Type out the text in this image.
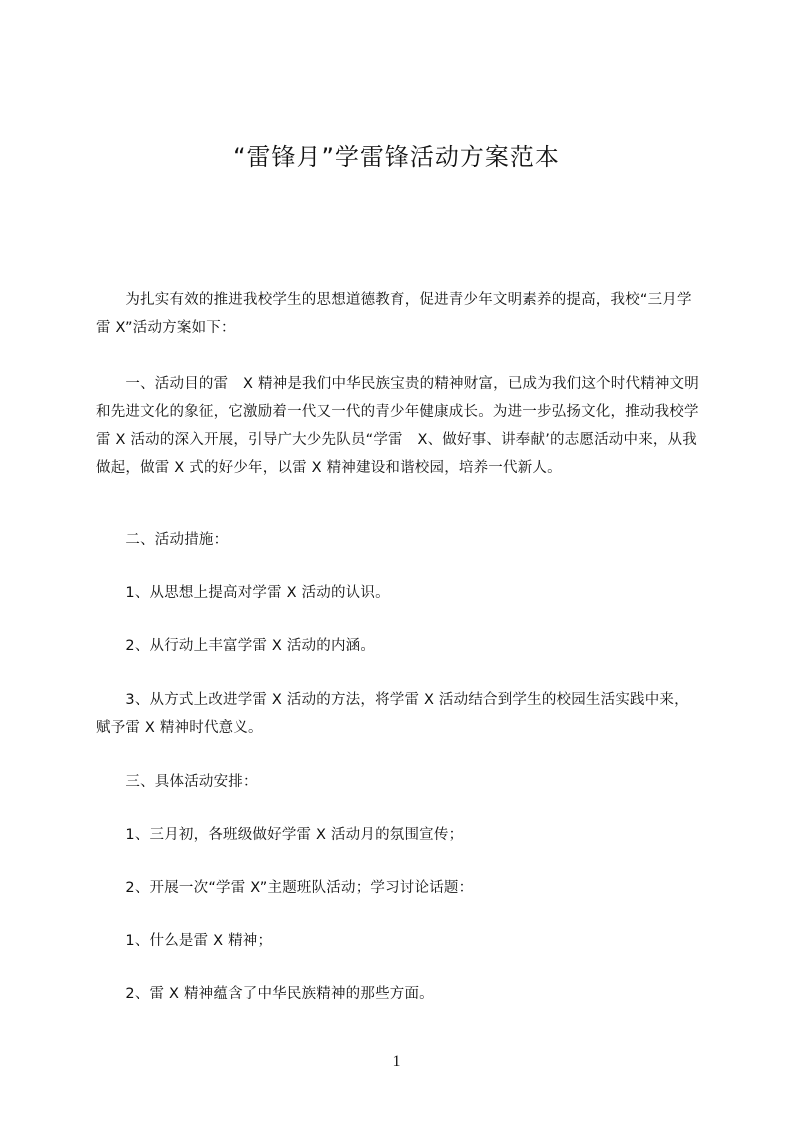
“雷锋月”学雷锋活动方案范本

　　为扎实有效的推进我校学生的思想道德教育，促进青少年文明素养的提高，我校“三月学雷 X”活动方案如下：

　　一、活动目的雷　X 精神是我们中华民族宝贵的精神财富，已成为我们这个时代精神文明和先进文化的象征，它激励着一代又一代的青少年健康成长。为进一步弘扬文化，推动我校学雷 X 活动的深入开展，引导广大少先队员“学雷　X、做好事、讲奉献’的志愿活动中来，从我做起，做雷 X 式的好少年，以雷 X 精神建设和谐校园，培养一代新人。

　　二、活动措施：

　　1、从思想上提高对学雷 X 活动的认识。

　　2、从行动上丰富学雷 X 活动的内涵。

　　3、从方式上改进学雷 X 活动的方法，将学雷 X 活动结合到学生的校园生活实践中来，赋予雷 X 精神时代意义。

　　三、具体活动安排：

　　1、三月初，各班级做好学雷 X 活动月的氛围宣传；

　　2、开展一次“学雷 X”主题班队活动；学习讨论话题：

　　1、什么是雷 X 精神；

　　2、雷 X 精神蕴含了中华民族精神的那些方面。

1
